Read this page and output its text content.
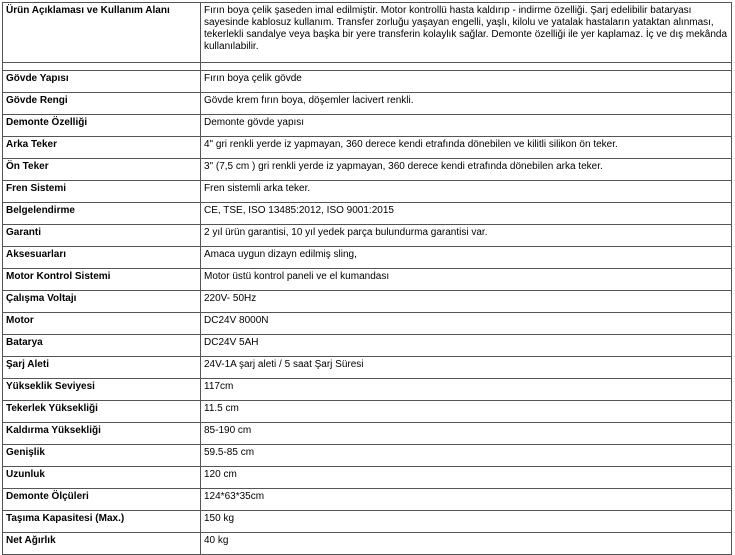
Ürün Açıklaması ve Kullanım Alanı	Fırın boya çelik şaseden imal edilmiştir. Motor kontrollü hasta kaldırıp - indirme özelliği. Şarj edelibilir bataryası sayesinde kablosuz kullanım. Transfer zorluğu yaşayan engelli, yaşlı, kilolu ve yatalak hastaların yataktan alınması, tekerlekli sandalye veya başka bir yere transferin kolaylık sağlar. Demonte özelliği ile yer kaplamaz. İç ve dış mekânda kullanılabilir.

Gövde Yapısı	Fırın boya çelik gövde
Gövde Rengi	Gövde krem fırın boya, döşemler lacivert renkli.
Demonte Özelliği	Demonte gövde yapısı
Arka Teker	4" gri renkli yerde iz yapmayan, 360 derece kendi etrafında dönebilen ve kilitli silikon ön teker.
Ön Teker	3" (7,5 cm ) gri renkli yerde iz yapmayan, 360 derece kendi etrafında dönebilen arka teker.
Fren Sistemi	Fren sistemli arka teker.
Belgelendirme	CE, TSE, ISO 13485:2012, ISO 9001:2015
Garanti	2 yıl ürün garantisi, 10 yıl yedek parça bulundurma garantisi var.
Aksesuarları	Amaca uygun dizayn edilmiş sling,
Motor Kontrol Sistemi	Motor üstü kontrol paneli ve el kumandası
Çalışma Voltajı	220V- 50Hz
Motor	DC24V 8000N
Batarya	DC24V 5AH
Şarj Aleti	24V-1A şarj aleti / 5 saat Şarj Süresi
Yükseklik Seviyesi	117cm
Tekerlek Yüksekliği	11.5 cm
Kaldırma Yüksekliği	85-190 cm
Genişlik	59.5-85 cm
Uzunluk	120 cm
Demonte Ölçüleri	124*63*35cm
Taşıma Kapasitesi (Max.)	150 kg
Net Ağırlık	40 kg
